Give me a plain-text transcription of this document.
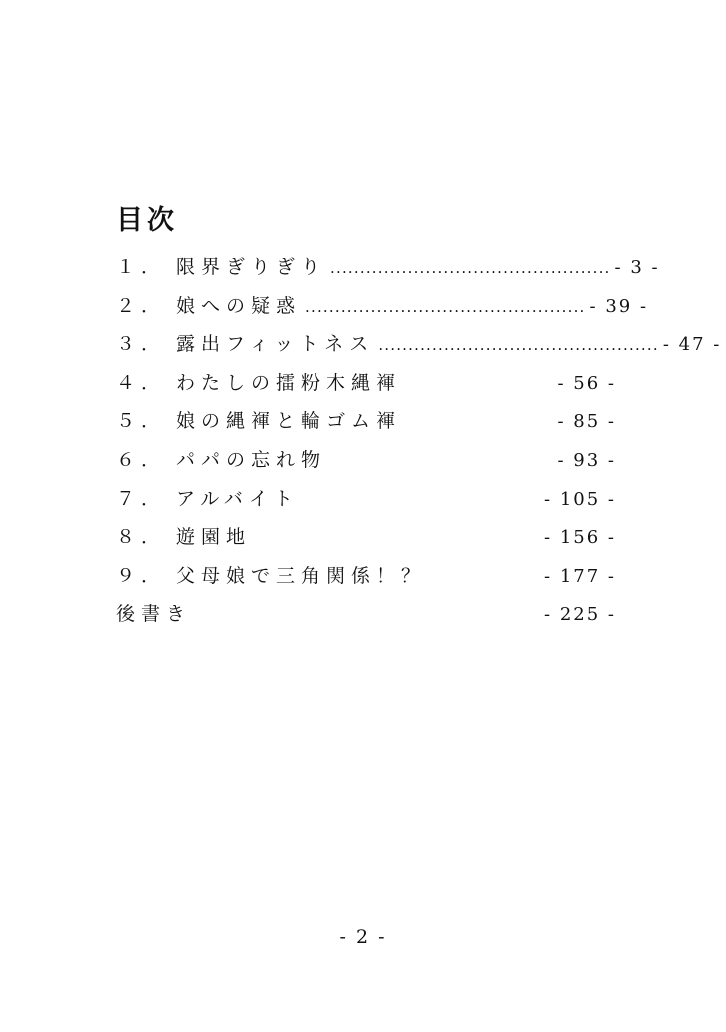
目次
１． 限界ぎりぎり ............................................... - 3 -
２． 娘への疑惑 ............................................... - 39 -
３． 露出フィットネス ............................................... - 47 -
４． わたしの擂粉木縄褌	- 56 -
５． 娘の縄褌と輪ゴム褌	- 85 -
６． パパの忘れ物	- 93 -
７． アルバイト	- 105 -
８． 遊園地	- 156 -
９． 父母娘で三角関係！？	- 177 -
後書き	- 225 -

- 2 -
